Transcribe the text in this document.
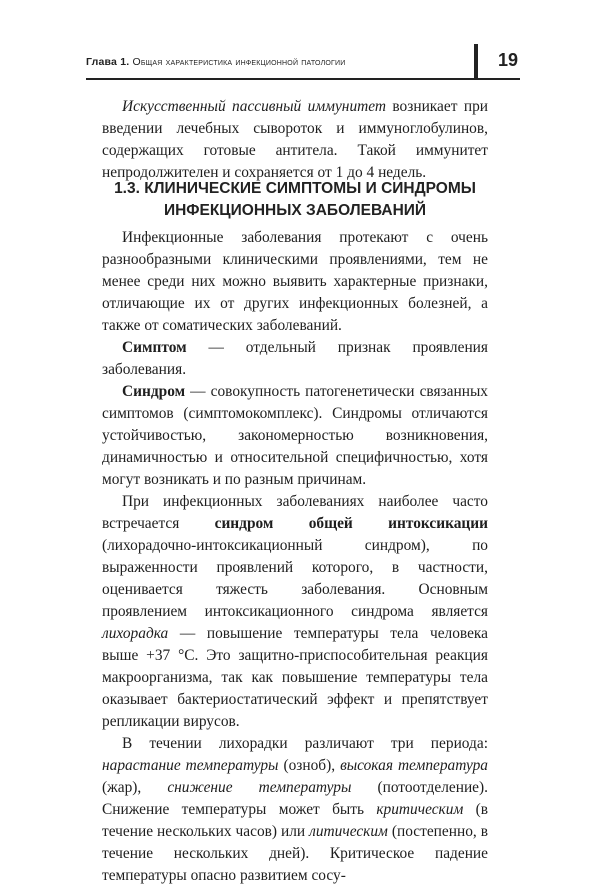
Глава 1. Общая характеристика инфекционной патологии	19

Искусственный пассивный иммунитет возникает при введении лечебных сывороток и иммуноглобулинов, содержащих готовые антитела. Такой иммунитет непродолжителен и сохраняется от 1 до 4 недель.

1.3. КЛИНИЧЕСКИЕ СИМПТОМЫ И СИНДРОМЫ
ИНФЕКЦИОННЫХ ЗАБОЛЕВАНИЙ

Инфекционные заболевания протекают с очень разнообразными клиническими проявлениями, тем не менее среди них можно выявить характерные признаки, отличающие их от других инфекционных болезней, а также от соматических заболеваний.

Симптом — отдельный признак проявления заболевания.

Синдром — совокупность патогенетически связанных симптомов (симптомокомплекс). Синдромы отличаются устойчивостью, закономерностью возникновения, динамичностью и относительной специфичностью, хотя могут возникать и по разным причинам.

При инфекционных заболеваниях наиболее часто встречается синдром общей интоксикации (лихорадочно-интоксикационный синдром), по выраженности проявлений которого, в частности, оценивается тяжесть заболевания. Основным проявлением интоксикационного синдрома является лихорадка — повышение температуры тела человека выше +37 °С. Это защитно-приспособительная реакция макроорганизма, так как повышение температуры тела оказывает бактериостатический эффект и препятствует репликации вирусов.

В течении лихорадки различают три периода: нарастание температуры (озноб), высокая температура (жар), снижение температуры (потоотделение). Снижение температуры может быть критическим (в течение нескольких часов) или литическим (постепенно, в течение нескольких дней). Критическое падение температуры опасно развитием сосу-
